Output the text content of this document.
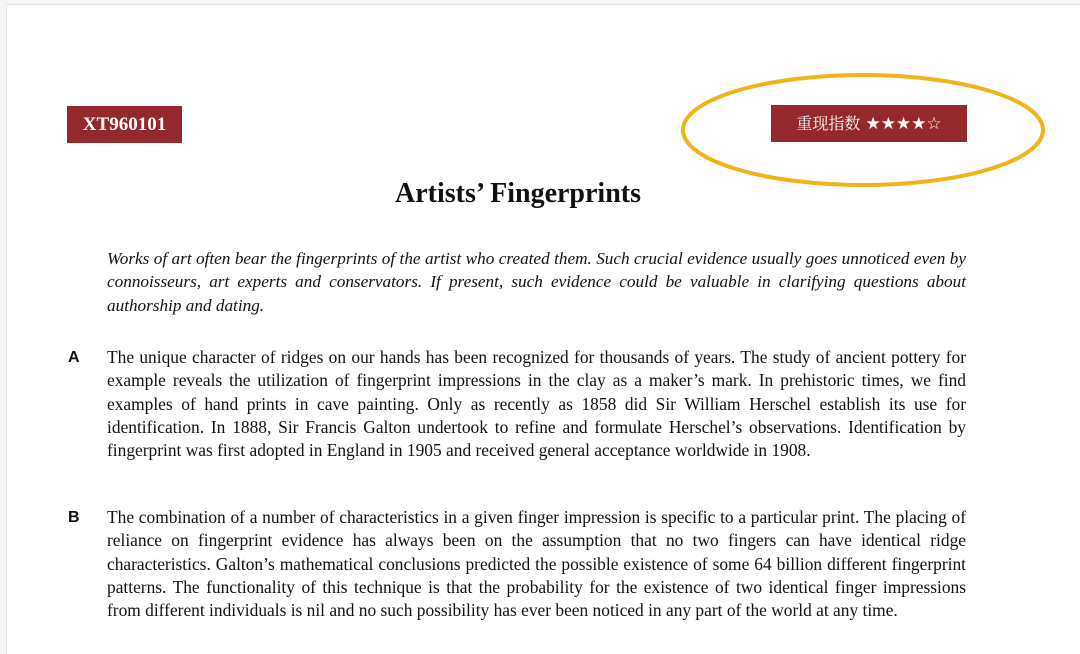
XT960101	重现指数 ★★★★☆
Artists’ Fingerprints

Works of art often bear the fingerprints of the artist who created them. Such crucial evidence usually goes unnoticed even by connoisseurs, art experts and conservators. If present, such evidence could be valuable in clarifying questions about authorship and dating.

A The unique character of ridges on our hands has been recognized for thousands of years. The study of ancient pottery for example reveals the utilization of fingerprint impressions in the clay as a maker’s mark. In prehistoric times, we find examples of hand prints in cave painting. Only as recently as 1858 did Sir William Herschel establish its use for identification. In 1888, Sir Francis Galton undertook to refine and formulate Herschel’s observations. Identification by fingerprint was first adopted in England in 1905 and received general acceptance worldwide in 1908.

B The combination of a number of characteristics in a given finger impression is specific to a particular print. The placing of reliance on fingerprint evidence has always been on the assumption that no two fingers can have identical ridge characteristics. Galton’s mathematical conclusions predicted the possible existence of some 64 billion different fingerprint patterns. The functionality of this technique is that the probability for the existence of two identical finger impressions from different individuals is nil and no such possibility has ever been noticed in any part of the world at any time.
